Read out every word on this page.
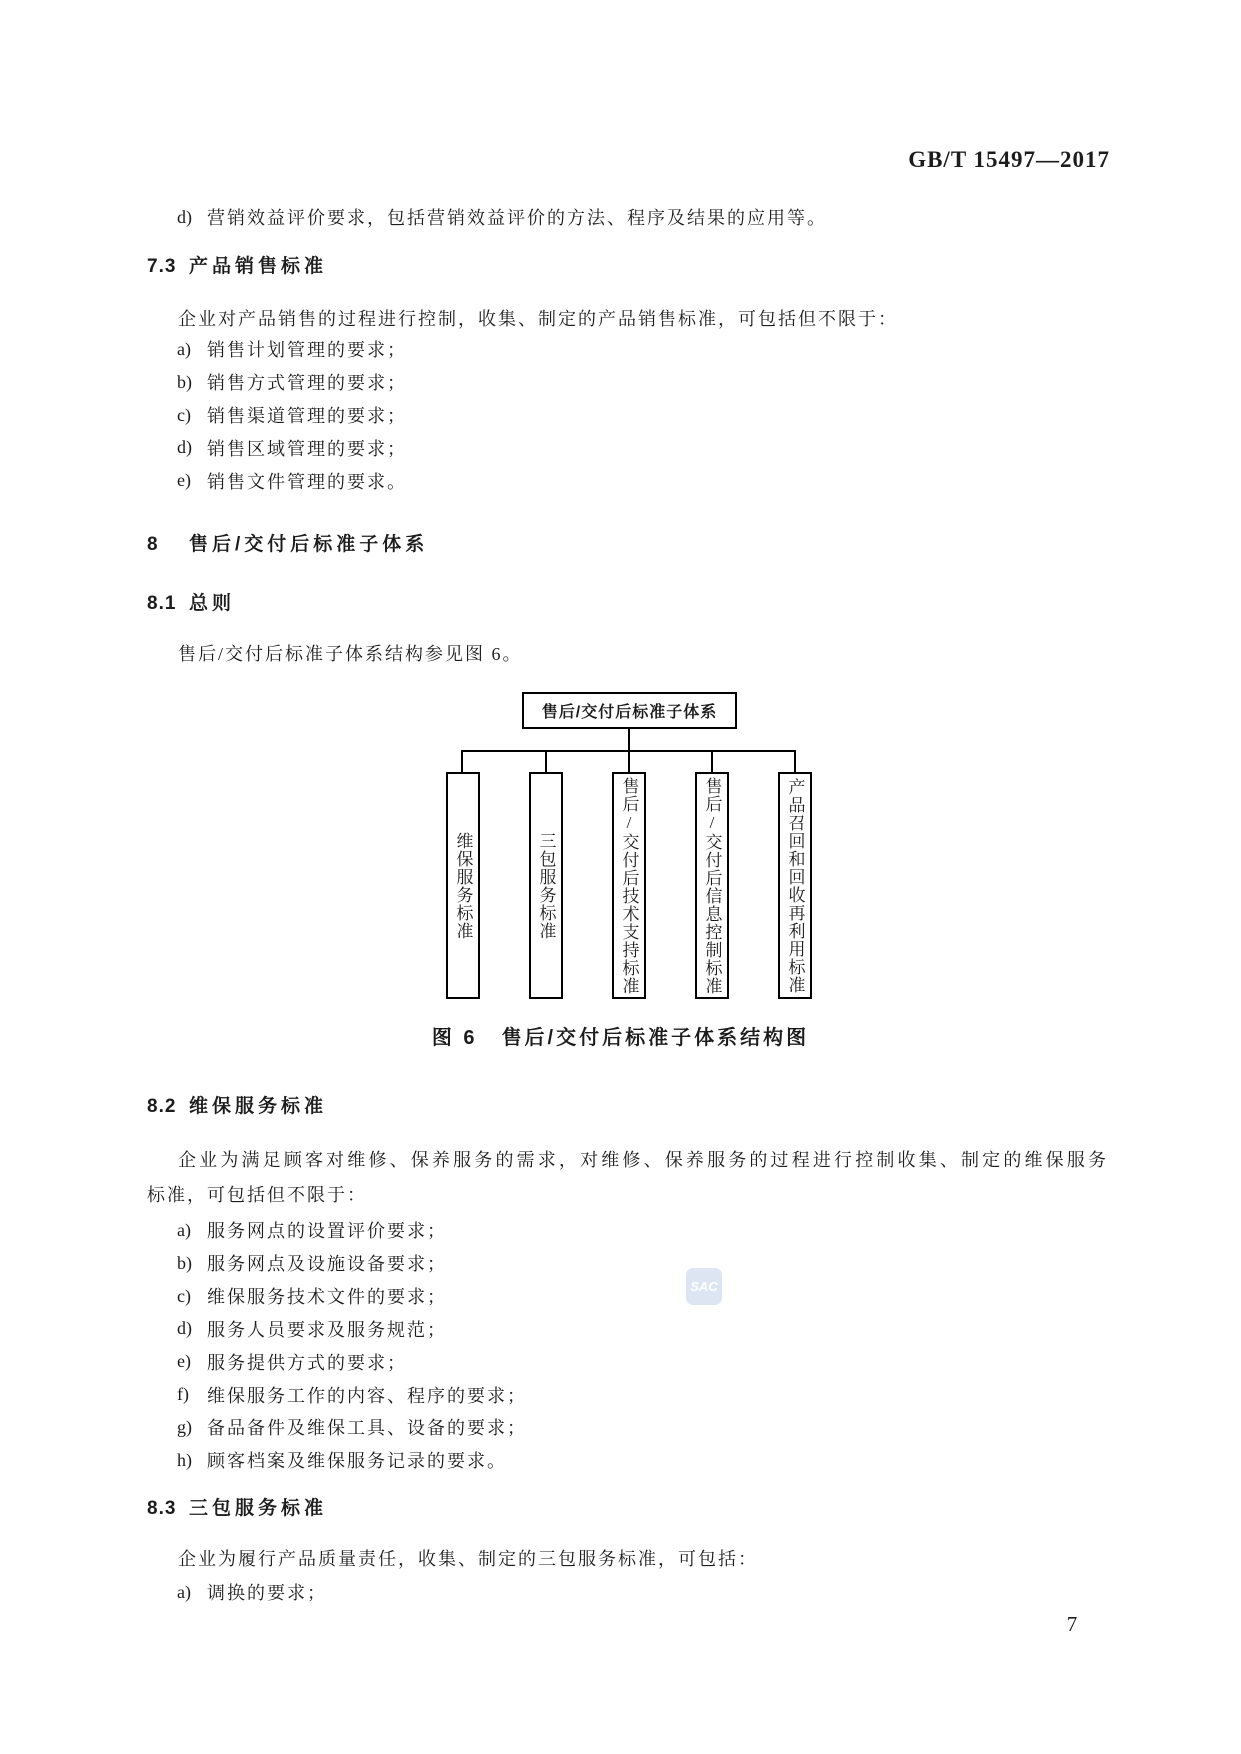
GB/T 15497—2017
SAC
d) 营销效益评价要求，包括营销效益评价的方法、程序及结果的应用等。
7.3 产品销售标准
企业对产品销售的过程进行控制，收集、制定的产品销售标准，可包括但不限于：
a) 销售计划管理的要求；
b) 销售方式管理的要求；
c) 销售渠道管理的要求；
d) 销售区域管理的要求；
e) 销售文件管理的要求。
8	售后/交付后标准子体系
8.1 总则
售后/交付后标准子体系结构参见图 6。
售后/交付后标准子体系
维保服务标准	三包服务标准	售后/交付后技术支持标准	售后/交付后信息控制标准	产品召回和回收再利用标准
图 6 售后/交付后标准子体系结构图
8.2 维保服务标准
企业为满足顾客对维修、保养服务的需求，对维修、保养服务的过程进行控制收集、制定的维保服务
标准，可包括但不限于：
a) 服务网点的设置评价要求；
b) 服务网点及设施设备要求；
c) 维保服务技术文件的要求；
d) 服务人员要求及服务规范；
e) 服务提供方式的要求；
f)	维保服务工作的内容、程序的要求；
g) 备品备件及维保工具、设备的要求；
h) 顾客档案及维保服务记录的要求。
8.3 三包服务标准
企业为履行产品质量责任，收集、制定的三包服务标准，可包括：
a) 调换的要求；
7
